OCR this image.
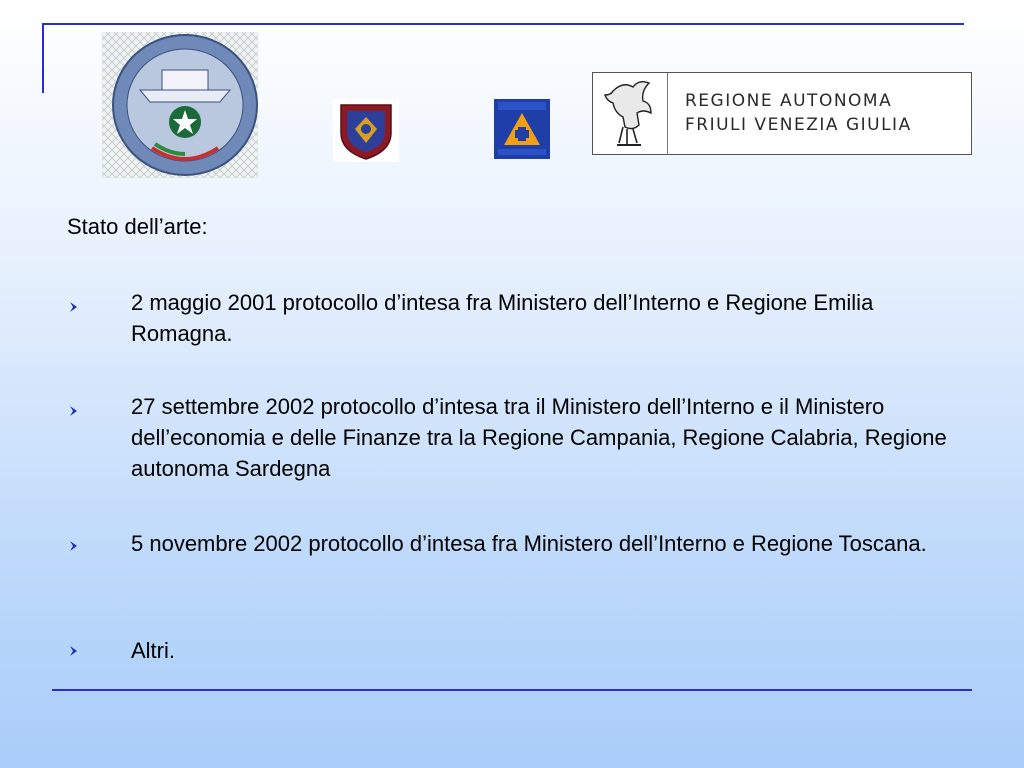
REGIONE AUTONOMA
FRIULI VENEZIA GIULIA
Stato dell’arte:
2 maggio 2001 protocollo d’intesa fra Ministero dell’Interno e Regione Emilia Romagna.
27 settembre 2002 protocollo d’intesa tra il Ministero dell’Interno e il Ministero dell’economia e delle Finanze tra la Regione Campania, Regione Calabria, Regione autonoma Sardegna
5 novembre 2002 protocollo d’intesa fra Ministero dell’Interno e Regione Toscana.
Altri.
